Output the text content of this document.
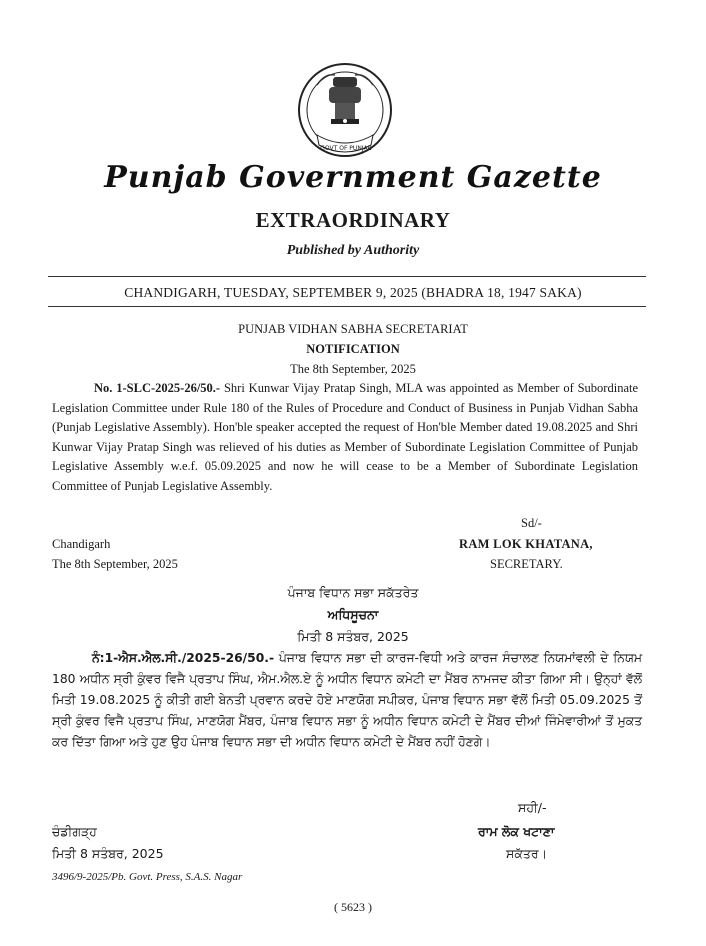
GOVT OF PUNJAB
Punjab Government Gazette
EXTRAORDINARY
Published by Authority
CHANDIGARH, TUESDAY, SEPTEMBER 9, 2025 (BHADRA 18, 1947 SAKA)
PUNJAB VIDHAN SABHA SECRETARIAT
NOTIFICATION
The 8th September, 2025

No. 1-SLC-2025-26/50.- Shri Kunwar Vijay Pratap Singh, MLA was appointed as Member of Subordinate Legislation Committee under Rule 180 of the Rules of Procedure and Conduct of Business in Punjab Vidhan Sabha (Punjab Legislative Assembly). Hon'ble speaker accepted the request of Hon'ble Member dated 19.08.2025 and Shri Kunwar Vijay Pratap Singh was relieved of his duties as Member of Subordinate Legislation Committee of Punjab Legislative Assembly w.e.f. 05.09.2025 and now he will cease to be a Member of Subordinate Legislation Committee of Punjab Legislative Assembly.

Sd/-
Chandigarh	RAM LOK KHATANA,
The 8th September, 2025	SECRETARY.
ਪੰਜਾਬ ਵਿਧਾਨ ਸਭਾ ਸਕੱਤਰੇਤ
ਅਧਿਸੂਚਨਾ
ਮਿਤੀ 8 ਸਤੰਬਰ, 2025

ਨੰ:1-ਐਸ.ਐਲ.ਸੀ./2025-26/50.- ਪੰਜਾਬ ਵਿਧਾਨ ਸਭਾ ਦੀ ਕਾਰਜ-ਵਿਧੀ ਅਤੇ ਕਾਰਜ ਸੰਚਾਲਣ ਨਿਯਮਾਂਵਲੀ ਦੇ ਨਿਯਮ 180 ਅਧੀਨ ਸ੍ਰੀ ਕੁੰਵਰ ਵਿਜੈ ਪ੍ਰਤਾਪ ਸਿੰਘ, ਐਮ.ਐਲ.ਏ ਨੂੰ ਅਧੀਨ ਵਿਧਾਨ ਕਮੇਟੀ ਦਾ ਮੈਂਬਰ ਨਾਮਜਦ ਕੀਤਾ ਗਿਆ ਸੀ। ਉਨ੍ਹਾਂ ਵੱਲੋਂ ਮਿਤੀ 19.08.2025 ਨੂੰ ਕੀਤੀ ਗਈ ਬੇਨਤੀ ਪ੍ਰਵਾਨ ਕਰਦੇ ਹੋਏ ਮਾਣਯੋਗ ਸਪੀਕਰ, ਪੰਜਾਬ ਵਿਧਾਨ ਸਭਾ ਵੱਲੋਂ ਮਿਤੀ 05.09.2025 ਤੋਂ ਸ੍ਰੀ ਕੁੰਵਰ ਵਿਜੈ ਪ੍ਰਤਾਪ ਸਿੰਘ, ਮਾਣਯੋਗ ਮੈਂਬਰ, ਪੰਜਾਬ ਵਿਧਾਨ ਸਭਾ ਨੂੰ ਅਧੀਨ ਵਿਧਾਨ ਕਮੇਟੀ ਦੇ ਮੈਂਬਰ ਦੀਆਂ ਜਿੰਮੇਵਾਰੀਆਂ ਤੋਂ ਮੁਕਤ ਕਰ ਦਿੱਤਾ ਗਿਆ ਅਤੇ ਹੁਣ ਉਹ ਪੰਜਾਬ ਵਿਧਾਨ ਸਭਾ ਦੀ ਅਧੀਨ ਵਿਧਾਨ ਕਮੇਟੀ ਦੇ ਮੈਂਬਰ ਨਹੀਂ ਹੋਣਗੇ।

ਸਹੀ/-
ਚੰਡੀਗੜ੍ਹ	ਰਾਮ ਲੋਕ ਖਟਾਣਾ
ਮਿਤੀ 8 ਸਤੰਬਰ, 2025	ਸਕੱਤਰ।
3496/9-2025/Pb. Govt. Press, S.A.S. Nagar
( 5623 )
